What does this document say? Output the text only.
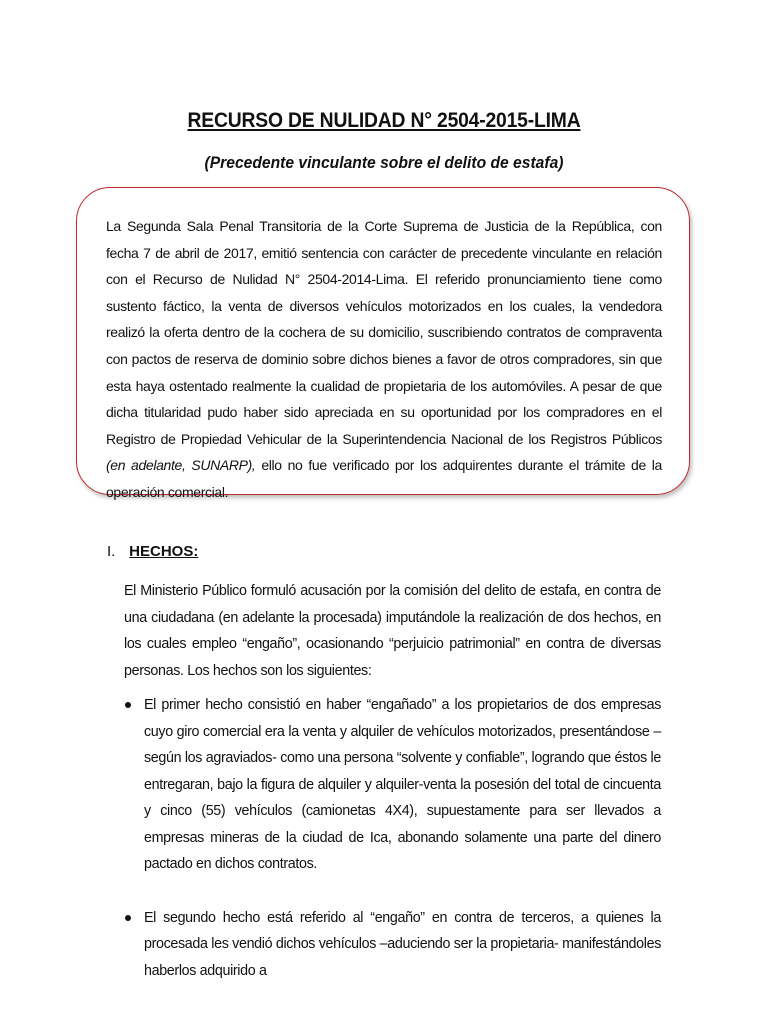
RECURSO DE NULIDAD N° 2504-2015-LIMA
(Precedente vinculante sobre el delito de estafa)
La Segunda Sala Penal Transitoria de la Corte Suprema de Justicia de la República, con fecha 7 de abril de 2017, emitió sentencia con carácter de precedente vinculante en relación con el Recurso de Nulidad N° 2504-2014-Lima. El referido pronunciamiento tiene como sustento fáctico, la venta de diversos vehículos motorizados en los cuales, la vendedora realizó la oferta dentro de la cochera de su domicilio, suscribiendo contratos de compraventa con pactos de reserva de dominio sobre dichos bienes a favor de otros compradores, sin que esta haya ostentado realmente la cualidad de propietaria de los automóviles. A pesar de que dicha titularidad pudo haber sido apreciada en su oportunidad por los compradores en el Registro de Propiedad Vehicular de la Superintendencia Nacional de los Registros Públicos (en adelante, SUNARP), ello no fue verificado por los adquirentes durante el trámite de la operación comercial.
I. HECHOS:
El Ministerio Público formuló acusación por la comisión del delito de estafa, en contra de una ciudadana (en adelante la procesada) imputándole la realización de dos hechos, en los cuales empleo “engaño”, ocasionando “perjuicio patrimonial” en contra de diversas personas. Los hechos son los siguientes:
El primer hecho consistió en haber “engañado” a los propietarios de dos empresas cuyo giro comercial era la venta y alquiler de vehículos motorizados, presentándose –según los agraviados- como una persona “solvente y confiable”, logrando que éstos le entregaran, bajo la figura de alquiler y alquiler-venta la posesión del total de cincuenta y cinco (55) vehículos (camionetas 4X4), supuestamente para ser llevados a empresas mineras de la ciudad de Ica, abonando solamente una parte del dinero pactado en dichos contratos.
El segundo hecho está referido al “engaño” en contra de terceros, a quienes la procesada les vendió dichos vehículos –aduciendo ser la propietaria- manifestándoles haberlos adquirido a
